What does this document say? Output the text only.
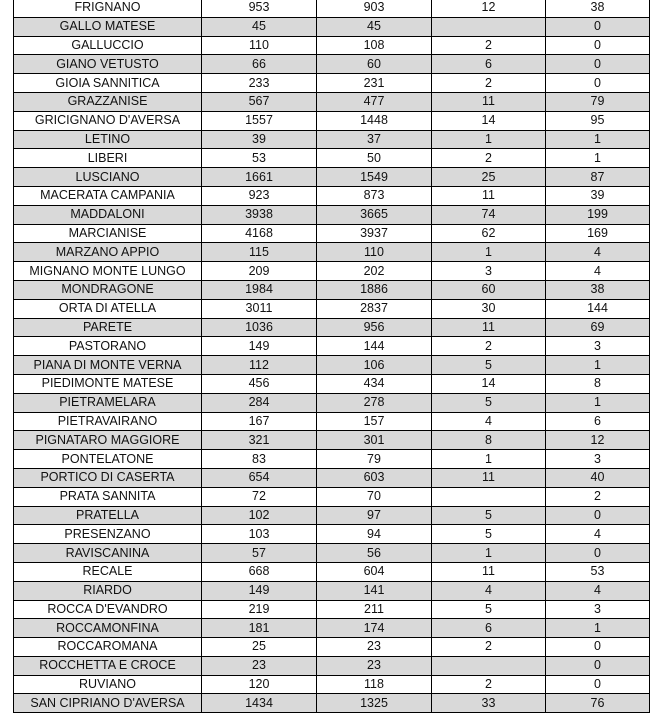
FRIGNANO	953	903	12	38
GALLO MATESE	45	45		0
GALLUCCIO	110	108	2	0
GIANO VETUSTO	66	60	6	0
GIOIA SANNITICA	233	231	2	0
GRAZZANISE	567	477	11	79
GRICIGNANO D'AVERSA	1557	1448	14	95
LETINO	39	37	1	1
LIBERI	53	50	2	1
LUSCIANO	1661	1549	25	87
MACERATA CAMPANIA	923	873	11	39
MADDALONI	3938	3665	74	199
MARCIANISE	4168	3937	62	169
MARZANO APPIO	115	110	1	4
MIGNANO MONTE LUNGO	209	202	3	4
MONDRAGONE	1984	1886	60	38
ORTA DI ATELLA	3011	2837	30	144
PARETE	1036	956	11	69
PASTORANO	149	144	2	3
PIANA DI MONTE VERNA	112	106	5	1
PIEDIMONTE MATESE	456	434	14	8
PIETRAMELARA	284	278	5	1
PIETRAVAIRANO	167	157	4	6
PIGNATARO MAGGIORE	321	301	8	12
PONTELATONE	83	79	1	3
PORTICO DI CASERTA	654	603	11	40
PRATA SANNITA	72	70		2
PRATELLA	102	97	5	0
PRESENZANO	103	94	5	4
RAVISCANINA	57	56	1	0
RECALE	668	604	11	53
RIARDO	149	141	4	4
ROCCA D'EVANDRO	219	211	5	3
ROCCAMONFINA	181	174	6	1
ROCCAROMANA	25	23	2	0
ROCCHETTA E CROCE	23	23		0
RUVIANO	120	118	2	0
SAN CIPRIANO D'AVERSA	1434	1325	33	76
